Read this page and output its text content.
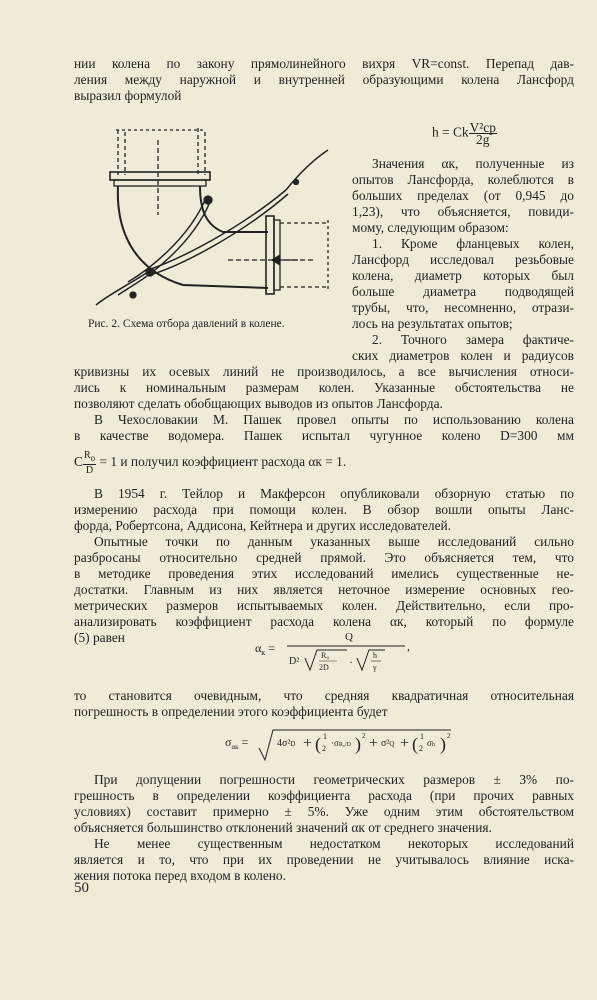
нии колена по закону прямолинейного вихря VR=const. Перепад дав-
ления между наружной и внутренней образующими колена Лансфорд
выразил формулой
h = Ck $\frac{\text{V²ср}}{2g}$
Значения αк, полученные из
опытов Лансфорда, колеблются в
больших пределах (от 0,945 до
1,23), что объясняется, повиди-
мому, следующим образом:
1. Кроме фланцевых колен,
Лансфорд исследовал резьбовые
колена, диаметр которых был
больше диаметра подводящей
трубы, что, несомненно, отрази-
лось на результатах опытов;
2. Точного замера фактиче-
ских диаметров колен и радиусов
Рис. 2. Схема отбора давлений в колене.
кривизны их осевых линий не производилось, а все вычисления относи-
лись к номинальным размерам колен. Указанные обстоятельства не
позволяют сделать обобщающих выводов из опытов Лансфорда.
В Чехословакии М. Пашек провел опыты по использованию колена
в качестве водомера. Пашек испытал чугунное колено D=300 мм
C $\frac{R_o}{D} = 1$ и получил коэффициент расхода αк = 1.
В 1954 г. Тейлор и Макферсон опубликовали обзорную статью по
измерению расхода при помощи колен. В обзор вошли опыты Ланс-
форда, Робертсона, Аддисона, Кейтнера и других исследователей.
Опытные точки по данным указанных выше исследований сильно
разбросаны относительно средней прямой. Это объясняется тем, что
в методике проведения этих исследований имелись существенные не-
достатки. Главным из них является неточное измерение основных гео-
метрических размеров испытываемых колен. Действительно, если про-
анализировать коэффициент расхода колена αк, который по формуле
(5) равен
$\alpha_к$ =
Q
D²
R₀
2D ·	h
γ
,
то становится очевидным, что средняя квадратичная относительная
погрешность в определении этого коэффициента будет
$\sigma_{\alpha к}$ =	4σ²D + ( 1
2
·σR₀/D ) 2 + σ²Q + ( 1
2
σh ) 2
При допущении погрешности геометрических размеров ± 3% по-
грешность в определении коэффициента расхода (при прочих равных
условиях) составит примерно ± 5%. Уже одним этим обстоятельством
объясняется большинство отклонений значений αк от среднего значения.
Не менее существенным недостатком некоторых исследований
является и то, что при их проведении не учитывалось влияние иска-
жения потока перед входом в колено.
50
